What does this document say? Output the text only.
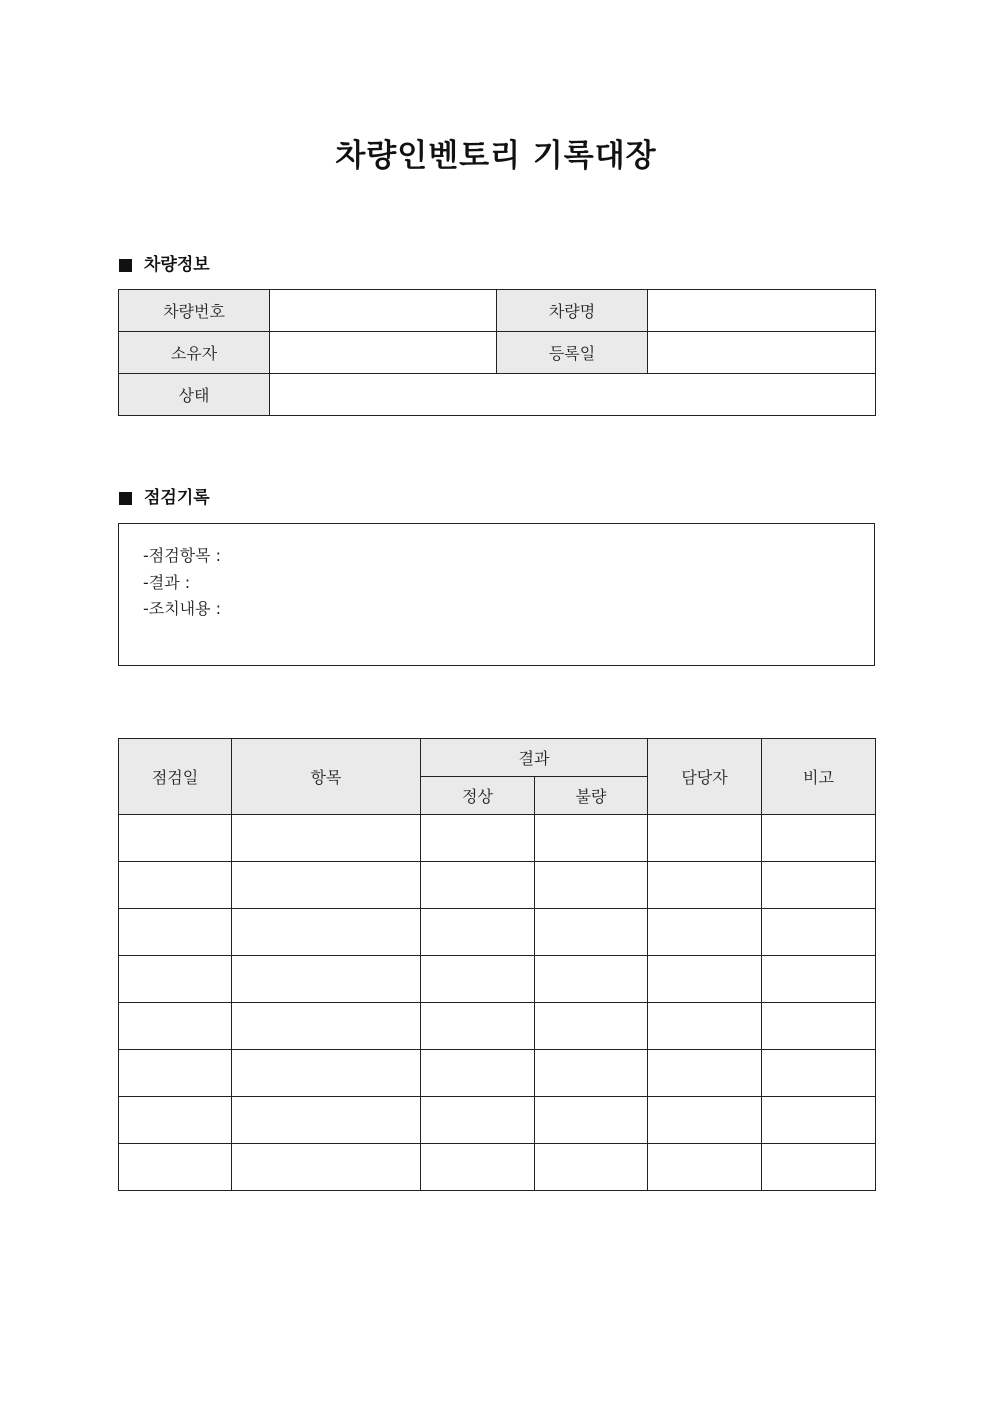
차량인벤토리 기록대장
차량정보
차량번호		차량명	
소유자		등록일	
상태			
점검기록
-점검항목 :
-결과 :
-조치내용 :
점검일	항목	결과		담당자	비고
		정상	불량		
